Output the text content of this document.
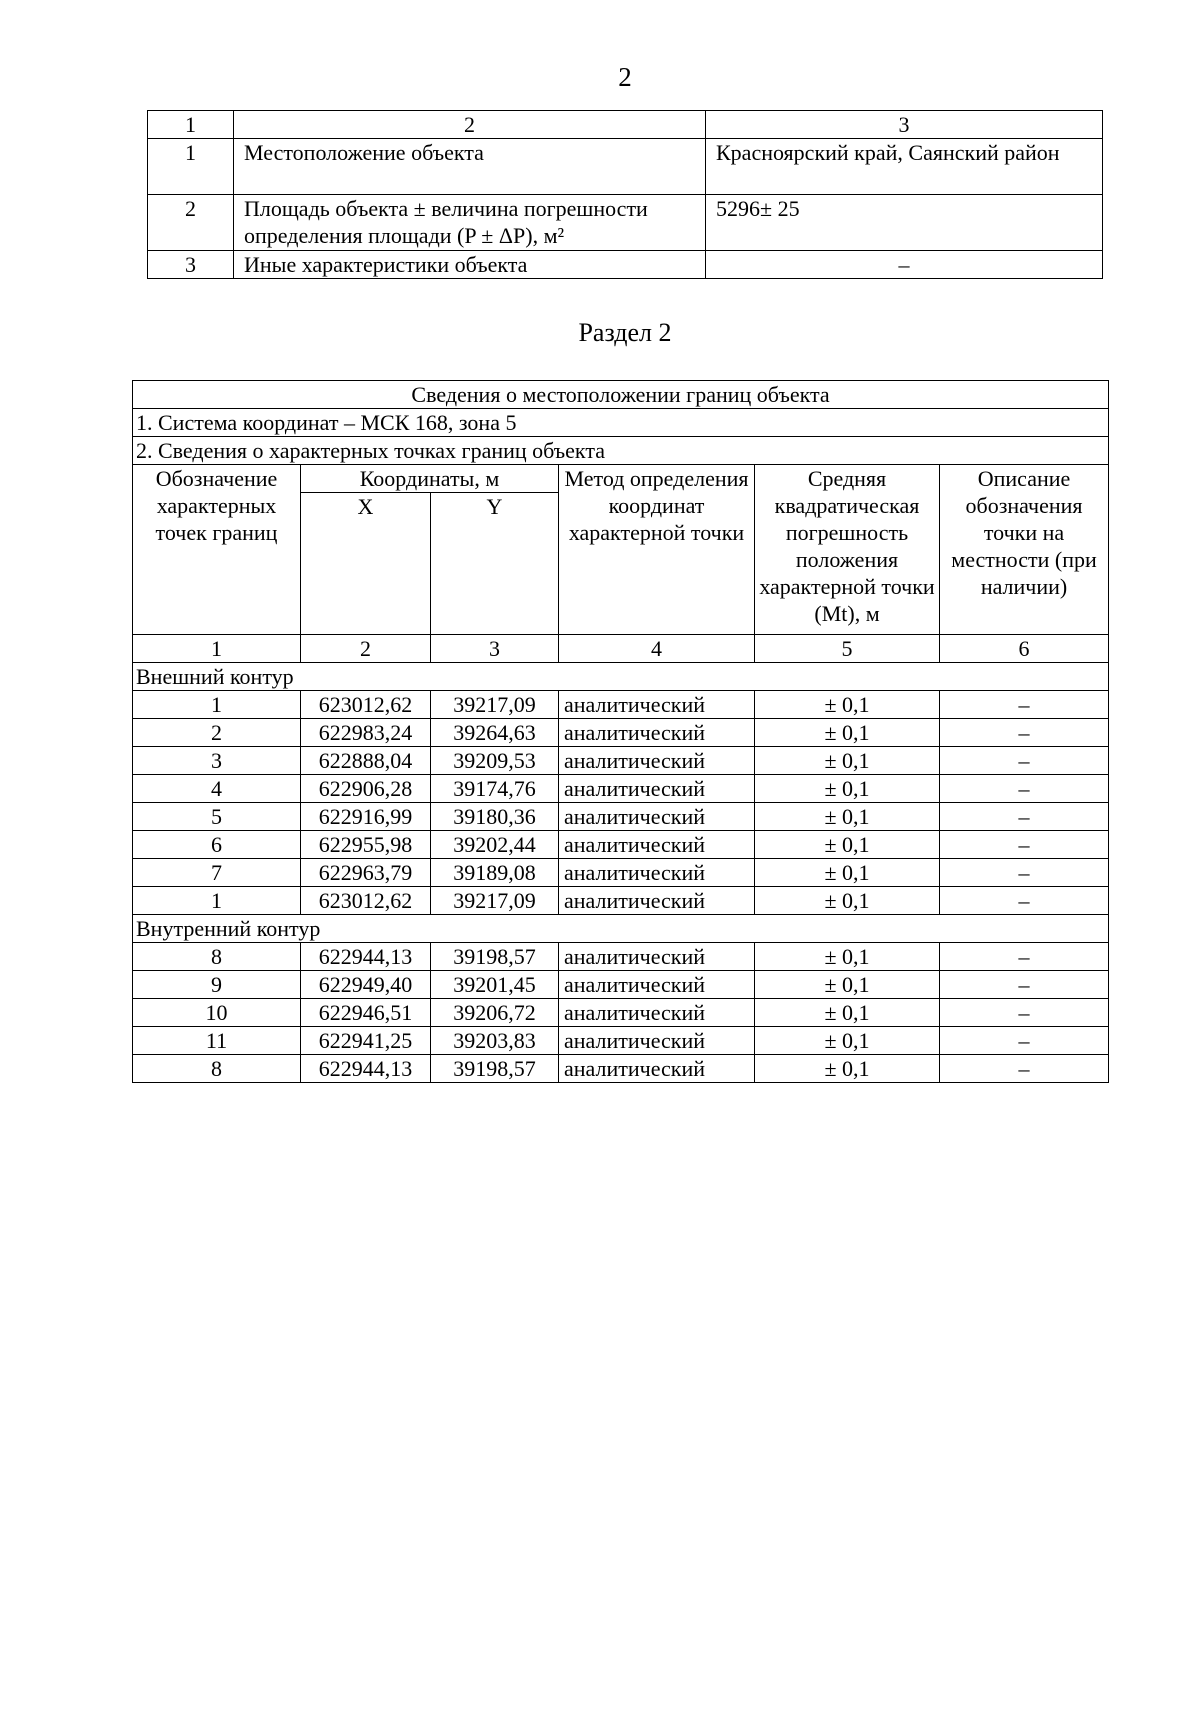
2
1	2	3
1	Местоположение объекта	Красноярский край, Саянский район
2	Площадь объекта ± величина погрешности определения площади (P ± ΔP), м²	5296± 25
3	Иные характеристики объекта	–
Раздел 2
Сведения о местоположении границ объекта					
1. Система координат – МСК 168, зона 5					
2. Сведения о характерных точках границ объекта					
Обозначение характерных точек границ	Координаты, м		Метод определения координат характерной точки	Средняя квадратическая погрешность положения характерной точки (Mt), м	Описание обозначения точки на местности (при наличии)
	X	Y			
1	2	3	4	5	6
Внешний контур					
1	623012,62	39217,09	аналитический	± 0,1	–
2	622983,24	39264,63	аналитический	± 0,1	–
3	622888,04	39209,53	аналитический	± 0,1	–
4	622906,28	39174,76	аналитический	± 0,1	–
5	622916,99	39180,36	аналитический	± 0,1	–
6	622955,98	39202,44	аналитический	± 0,1	–
7	622963,79	39189,08	аналитический	± 0,1	–
1	623012,62	39217,09	аналитический	± 0,1	–
Внутренний контур					
8	622944,13	39198,57	аналитический	± 0,1	–
9	622949,40	39201,45	аналитический	± 0,1	–
10	622946,51	39206,72	аналитический	± 0,1	–
11	622941,25	39203,83	аналитический	± 0,1	–
8	622944,13	39198,57	аналитический	± 0,1	–
